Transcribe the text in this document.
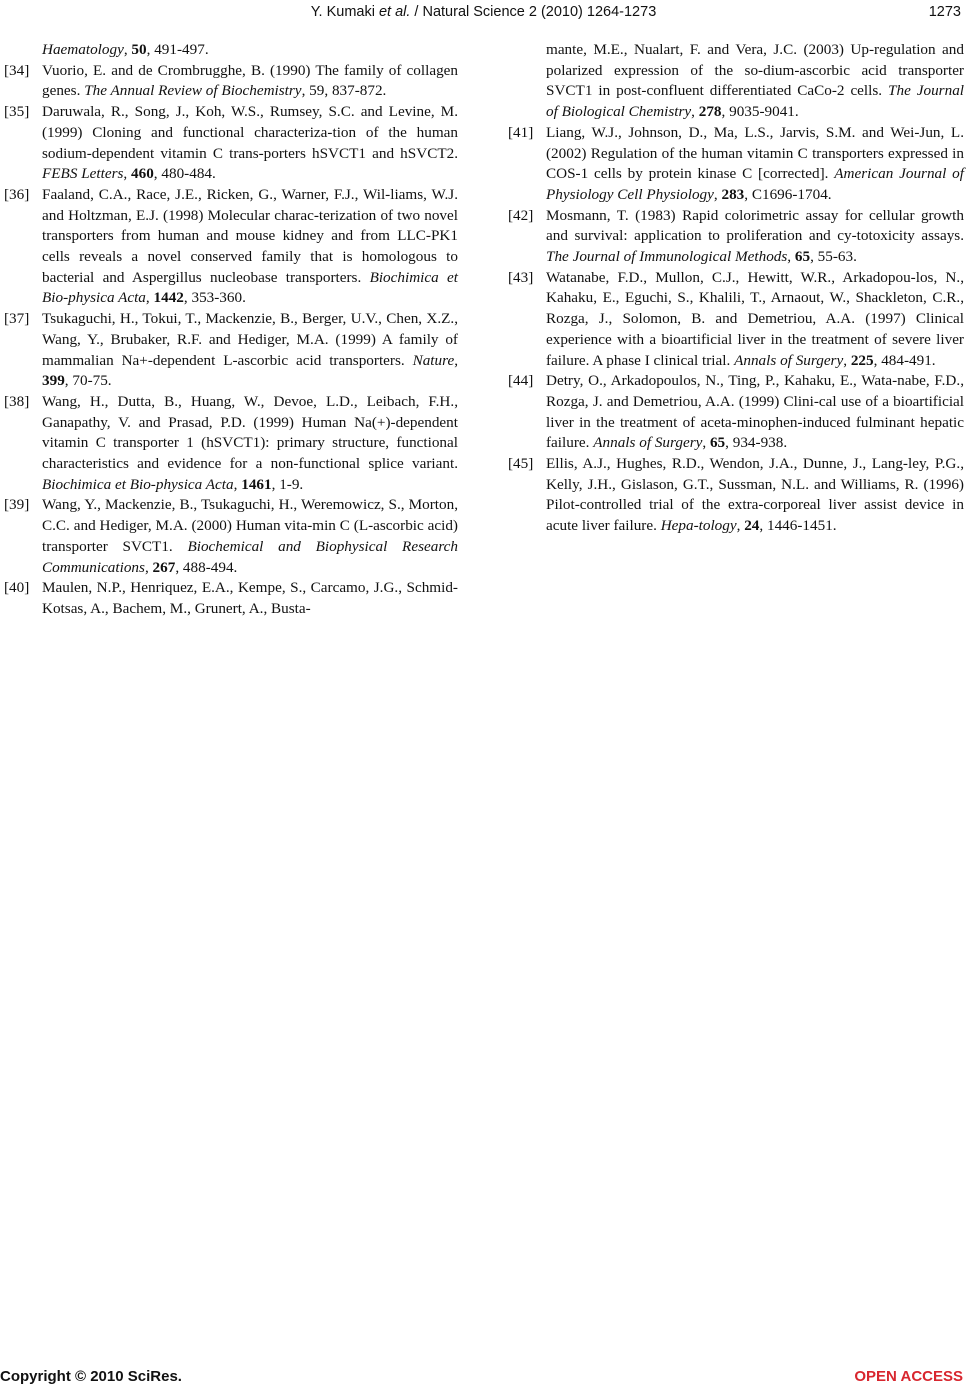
Y. Kumaki et al. / Natural Science 2 (2010) 1264-1273	1273
Haematology, 50, 491-497.
[34] Vuorio, E. and de Crombrugghe, B. (1990) The family of collagen genes. The Annual Review of Biochemistry, 59, 837-872.
[35] Daruwala, R., Song, J., Koh, W.S., Rumsey, S.C. and Levine, M. (1999) Cloning and functional characteriza-tion of the human sodium-dependent vitamin C trans-porters hSVCT1 and hSVCT2. FEBS Letters, 460, 480-484.
[36] Faaland, C.A., Race, J.E., Ricken, G., Warner, F.J., Wil-liams, W.J. and Holtzman, E.J. (1998) Molecular charac-terization of two novel transporters from human and mouse kidney and from LLC-PK1 cells reveals a novel conserved family that is homologous to bacterial and Aspergillus nucleobase transporters. Biochimica et Bio-physica Acta, 1442, 353-360.
[37] Tsukaguchi, H., Tokui, T., Mackenzie, B., Berger, U.V., Chen, X.Z., Wang, Y., Brubaker, R.F. and Hediger, M.A. (1999) A family of mammalian Na+-dependent L-ascorbic acid transporters. Nature, 399, 70-75.
[38] Wang, H., Dutta, B., Huang, W., Devoe, L.D., Leibach, F.H., Ganapathy, V. and Prasad, P.D. (1999) Human Na(+)-dependent vitamin C transporter 1 (hSVCT1): primary structure, functional characteristics and evidence for a non-functional splice variant. Biochimica et Bio-physica Acta, 1461, 1-9.
[39] Wang, Y., Mackenzie, B., Tsukaguchi, H., Weremowicz, S., Morton, C.C. and Hediger, M.A. (2000) Human vita-min C (L-ascorbic acid) transporter SVCT1. Biochemical and Biophysical Research Communications, 267, 488-494.
[40] Maulen, N.P., Henriquez, E.A., Kempe, S., Carcamo, J.G., Schmid-Kotsas, A., Bachem, M., Grunert, A., Busta-
mante, M.E., Nualart, F. and Vera, J.C. (2003) Up-regulation and polarized expression of the so-dium-ascorbic acid transporter SVCT1 in post-confluent differentiated CaCo-2 cells. The Journal of Biological Chemistry, 278, 9035-9041.
[41] Liang, W.J., Johnson, D., Ma, L.S., Jarvis, S.M. and Wei-Jun, L. (2002) Regulation of the human vitamin C transporters expressed in COS-1 cells by protein kinase C [corrected]. American Journal of Physiology Cell Physiology, 283, C1696-1704.
[42] Mosmann, T. (1983) Rapid colorimetric assay for cellular growth and survival: application to proliferation and cy-totoxicity assays. The Journal of Immunological Methods, 65, 55-63.
[43] Watanabe, F.D., Mullon, C.J., Hewitt, W.R., Arkadopou-los, N., Kahaku, E., Eguchi, S., Khalili, T., Arnaout, W., Shackleton, C.R., Rozga, J., Solomon, B. and Demetriou, A.A. (1997) Clinical experience with a bioartificial liver in the treatment of severe liver failure. A phase I clinical trial. Annals of Surgery, 225, 484-491.
[44] Detry, O., Arkadopoulos, N., Ting, P., Kahaku, E., Wata-nabe, F.D., Rozga, J. and Demetriou, A.A. (1999) Clini-cal use of a bioartificial liver in the treatment of aceta-minophen-induced fulminant hepatic failure. Annals of Surgery, 65, 934-938.
[45] Ellis, A.J., Hughes, R.D., Wendon, J.A., Dunne, J., Lang-ley, P.G., Kelly, J.H., Gislason, G.T., Sussman, N.L. and Williams, R. (1996) Pilot-controlled trial of the extra-corporeal liver assist device in acute liver failure. Hepa-tology, 24, 1446-1451.
Copyright © 2010 SciRes.	OPEN ACCESS
